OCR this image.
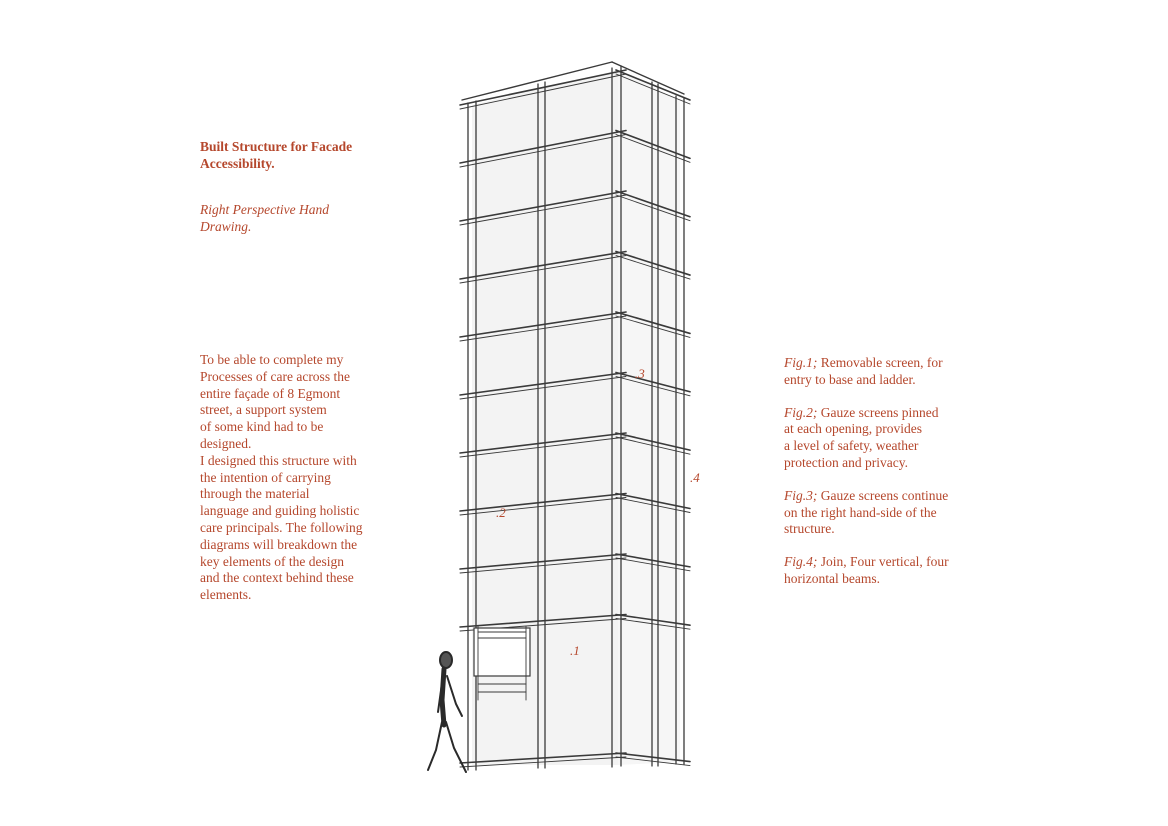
Built Structure for Facade Accessibility.
Right Perspective Hand Drawing.
To be able to complete my
Processes of care across the
entire façade of 8 Egmont
street, a support system
of some kind had to be
designed.
I designed this structure with
the intention of carrying
through the material
language and guiding holistic
care principals. The following
diagrams will breakdown the
key elements of the design
and the context behind these
elements.

Fig.1; Removable screen, for
entry to base and ladder.

Fig.2; Gauze screens pinned
at each opening, provides
a level of safety, weather
protection and privacy.

Fig.3; Gauze screens continue
on the right hand-side of the
structure.

Fig.4; Join, Four vertical, four
horizontal beams.

.1
.2
.3
.4
